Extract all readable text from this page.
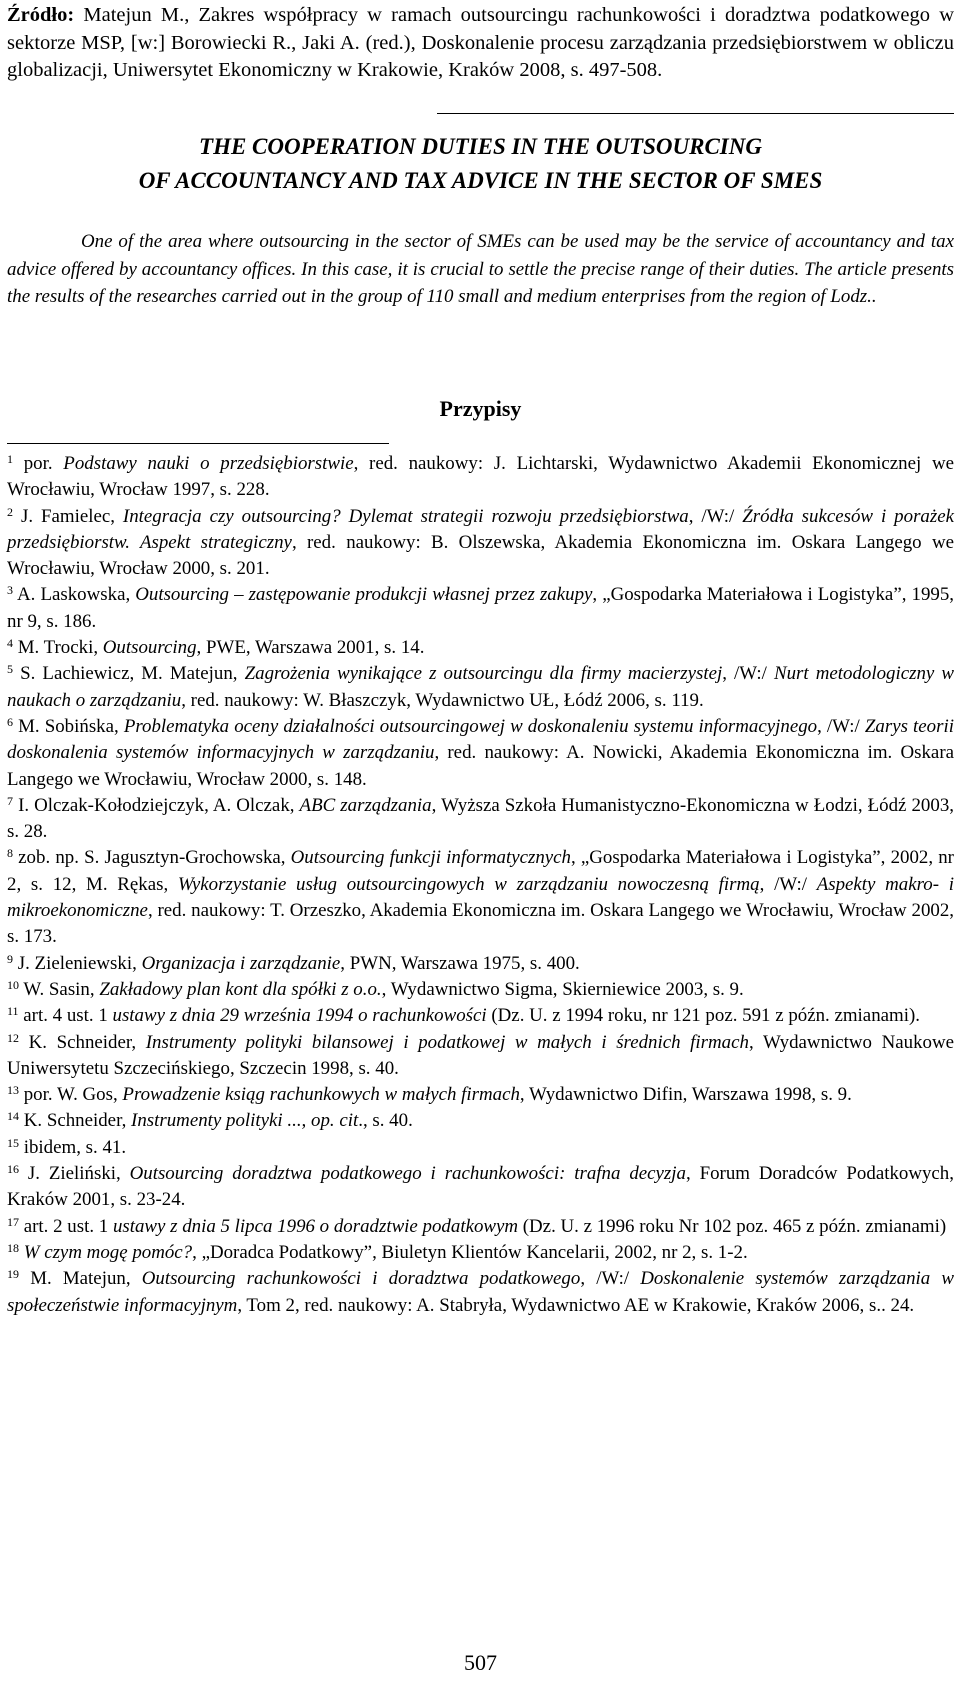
Źródło: Matejun M., Zakres współpracy w ramach outsourcingu rachunkowości i doradztwa podatkowego w sektorze MSP, [w:] Borowiecki R., Jaki A. (red.), Doskonalenie procesu zarządzania przedsiębiorstwem w obliczu globalizacji, Uniwersytet Ekonomiczny w Krakowie, Kraków 2008, s. 497-508.

THE COOPERATION DUTIES IN THE OUTSOURCING
OF ACCOUNTANCY AND TAX ADVICE IN THE SECTOR OF SMES

One of the area where outsourcing in the sector of SMEs can be used may be the service of accountancy and tax advice offered by accountancy offices. In this case, it is crucial to settle the precise range of their duties. The article presents the results of the researches carried out in the group of 110 small and medium enterprises from the region of Lodz..

Przypisy
$^1$ por. Podstawy nauki o przedsiębiorstwie, red. naukowy: J. Lichtarski, Wydawnictwo Akademii Ekonomicznej we Wrocławiu, Wrocław 1997, s. 228.
$^2$ J. Famielec, Integracja czy outsourcing? Dylemat strategii rozwoju przedsiębiorstwa, /W:/ Źródła sukcesów i porażek przedsiębiorstw. Aspekt strategiczny, red. naukowy: B. Olszewska, Akademia Ekonomiczna im. Oskara Langego we Wrocławiu, Wrocław 2000, s. 201.
$^3$ A. Laskowska, Outsourcing – zastępowanie produkcji własnej przez zakupy, „Gospodarka Materiałowa i Logistyka”, 1995, nr 9, s. 186.
$^4$ M. Trocki, Outsourcing, PWE, Warszawa 2001, s. 14.
$^5$ S. Lachiewicz, M. Matejun, Zagrożenia wynikające z outsourcingu dla firmy macierzystej, /W:/ Nurt metodologiczny w naukach o zarządzaniu, red. naukowy: W. Błaszczyk, Wydawnictwo UŁ, Łódź 2006, s. 119.
$^6$ M. Sobińska, Problematyka oceny działalności outsourcingowej w doskonaleniu systemu informacyjnego, /W:/ Zarys teorii doskonalenia systemów informacyjnych w zarządzaniu, red. naukowy: A. Nowicki, Akademia Ekonomiczna im. Oskara Langego we Wrocławiu, Wrocław 2000, s. 148.
$^7$ I. Olczak-Kołodziejczyk, A. Olczak, ABC zarządzania, Wyższa Szkoła Humanistyczno-Ekonomiczna w Łodzi, Łódź 2003, s. 28.
$^8$ zob. np. S. Jagusztyn-Grochowska, Outsourcing funkcji informatycznych, „Gospodarka Materiałowa i Logistyka”, 2002, nr 2, s. 12, M. Rękas, Wykorzystanie usług outsourcingowych w zarządzaniu nowoczesną firmą, /W:/ Aspekty makro- i mikroekonomiczne, red. naukowy: T. Orzeszko, Akademia Ekonomiczna im. Oskara Langego we Wrocławiu, Wrocław 2002, s. 173.
$^9$ J. Zieleniewski, Organizacja i zarządzanie, PWN, Warszawa 1975, s. 400.
$^{10}$ W. Sasin, Zakładowy plan kont dla spółki z o.o., Wydawnictwo Sigma, Skierniewice 2003, s. 9.
$^{11}$ art. 4 ust. 1 ustawy z dnia 29 września 1994 o rachunkowości (Dz. U. z 1994 roku, nr 121 poz. 591 z późn. zmianami).
$^{12}$ K. Schneider, Instrumenty polityki bilansowej i podatkowej w małych i średnich firmach, Wydawnictwo Naukowe Uniwersytetu Szczecińskiego, Szczecin 1998, s. 40.
$^{13}$ por. W. Gos, Prowadzenie ksiąg rachunkowych w małych firmach, Wydawnictwo Difin, Warszawa 1998, s. 9.
$^{14}$ K. Schneider, Instrumenty polityki ..., op. cit., s. 40.
$^{15}$ ibidem, s. 41.
$^{16}$ J. Zieliński, Outsourcing doradztwa podatkowego i rachunkowości: trafna decyzja, Forum Doradców Podatkowych, Kraków 2001, s. 23-24.
$^{17}$ art. 2 ust. 1 ustawy z dnia 5 lipca 1996 o doradztwie podatkowym (Dz. U. z 1996 roku Nr 102 poz. 465 z późn. zmianami)
$^{18}$ W czym mogę pomóc?, „Doradca Podatkowy”, Biuletyn Klientów Kancelarii, 2002, nr 2, s. 1-2.
$^{19}$ M. Matejun, Outsourcing rachunkowości i doradztwa podatkowego, /W:/ Doskonalenie systemów zarządzania w społeczeństwie informacyjnym, Tom 2, red. naukowy: A. Stabryła, Wydawnictwo AE w Krakowie, Kraków 2006, s.. 24.
507
